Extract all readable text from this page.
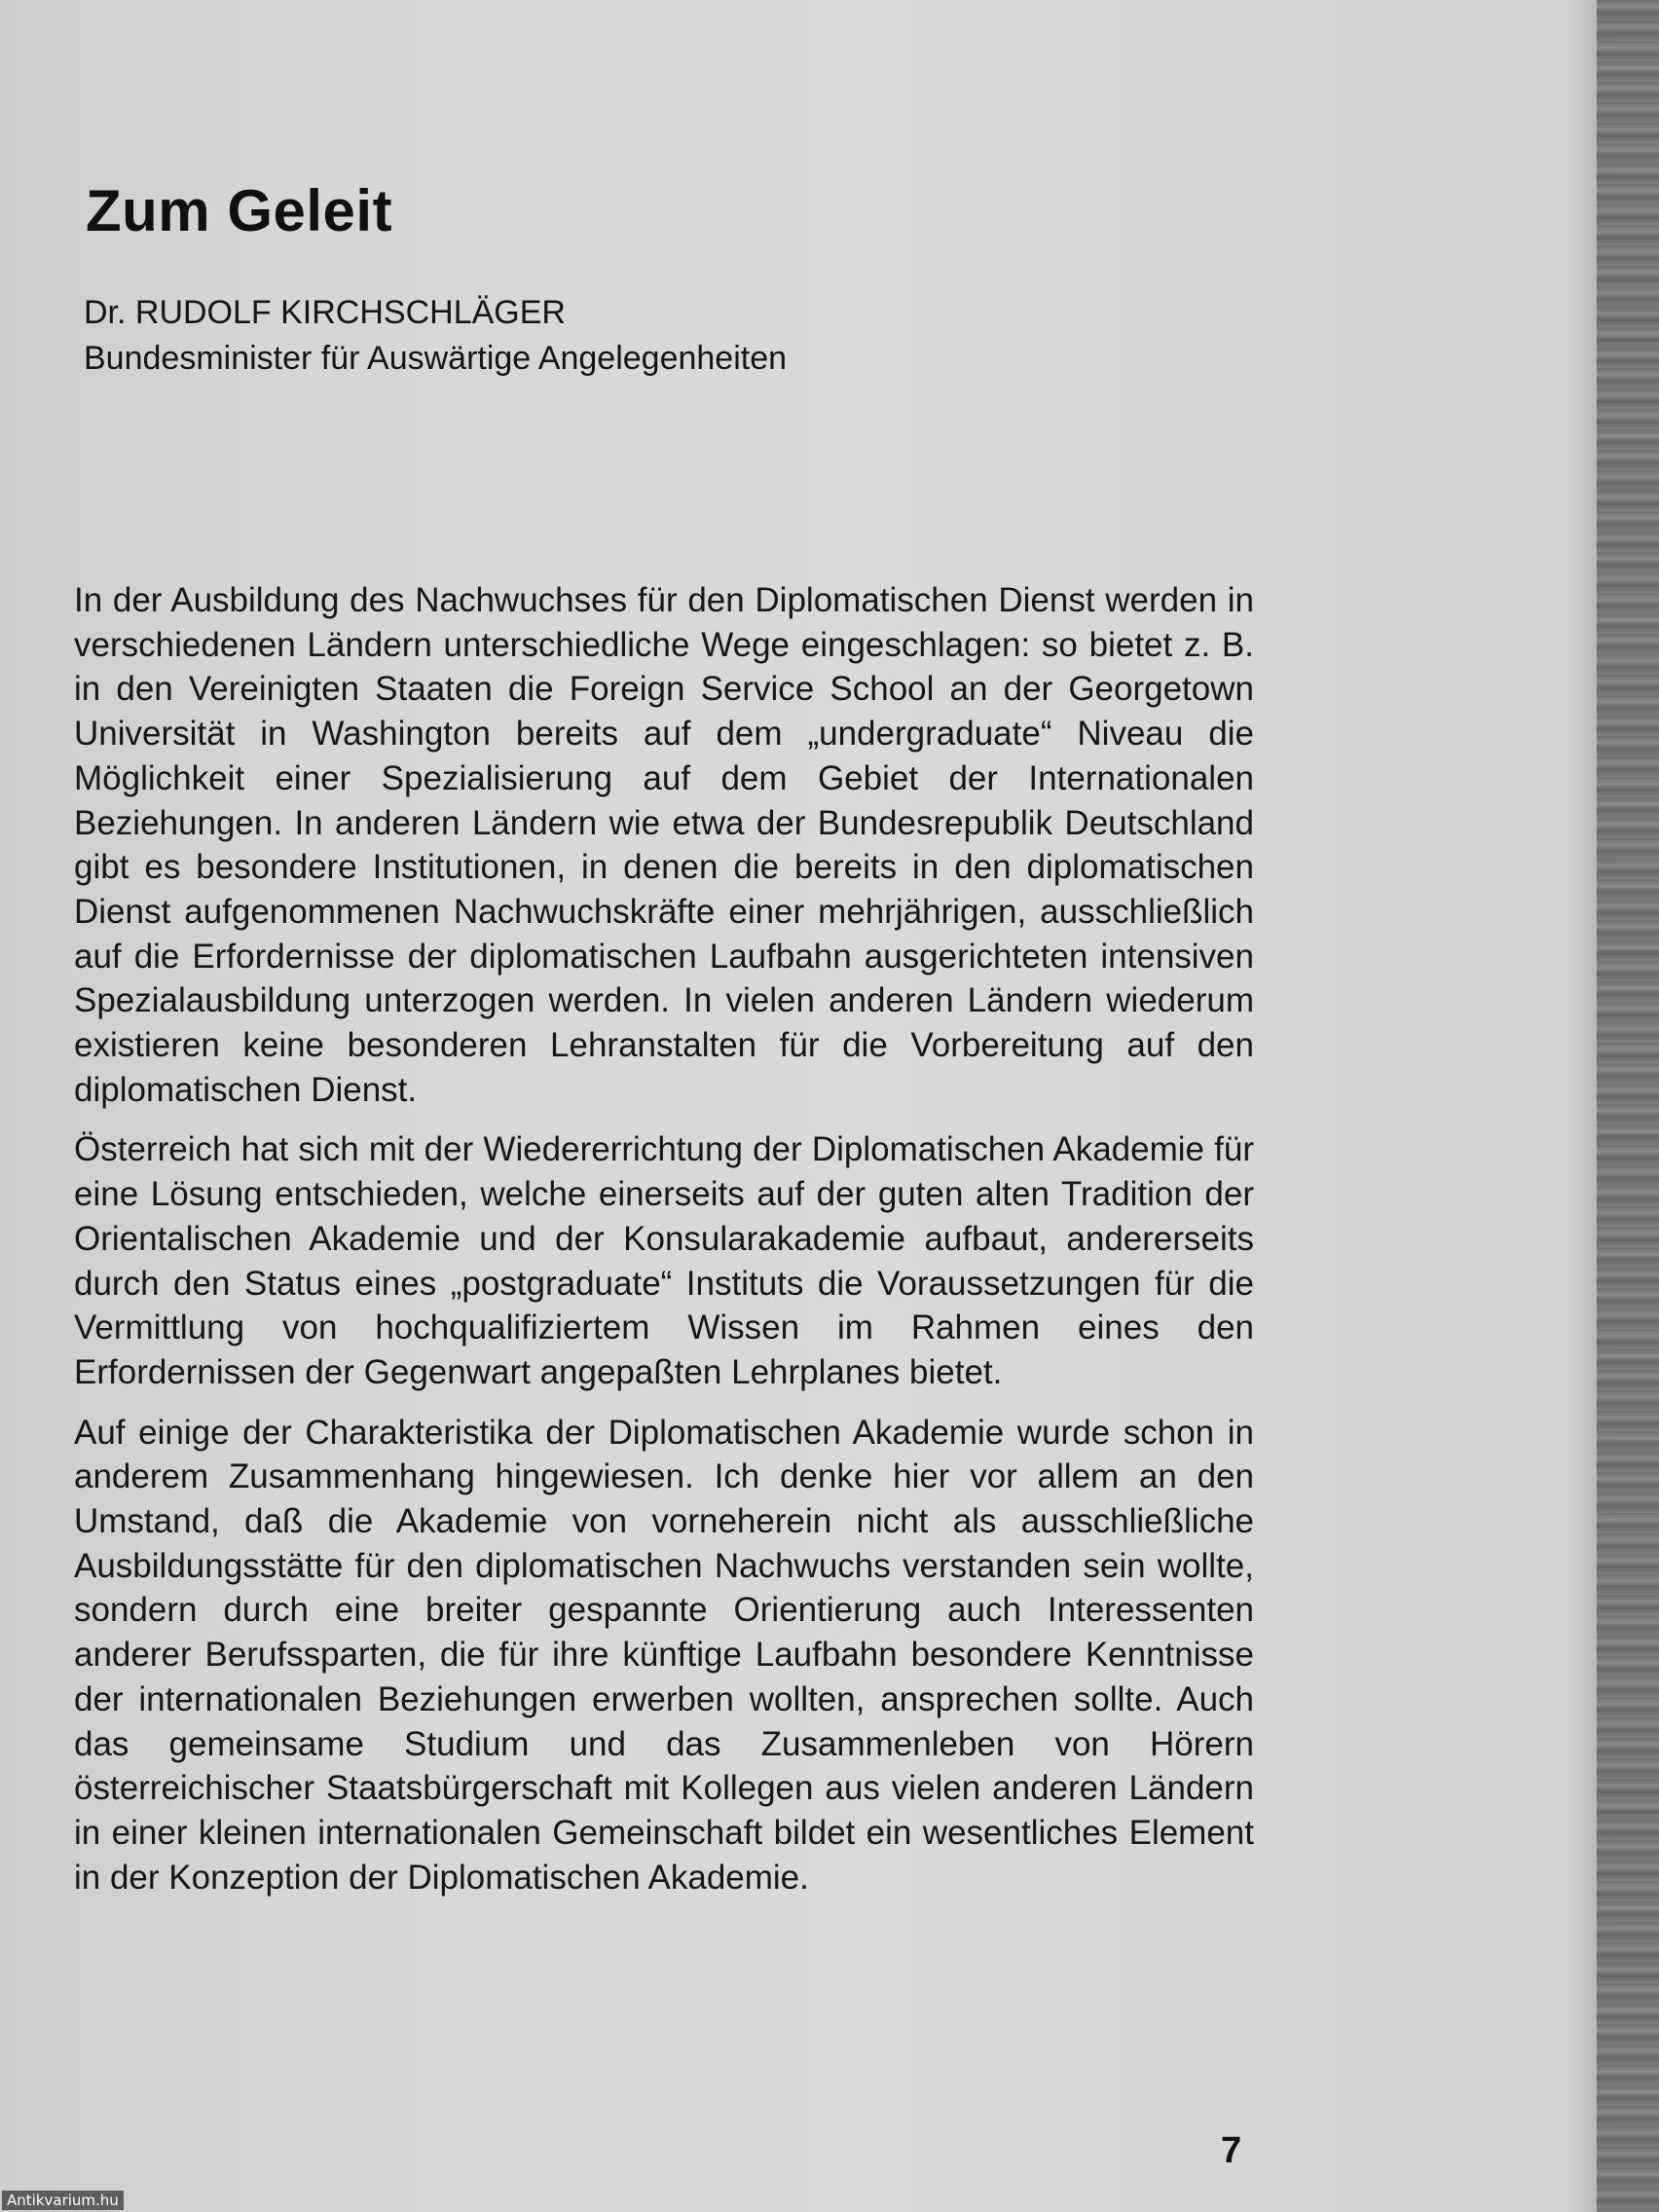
Zum Geleit
Dr. RUDOLF KIRCHSCHLÄGER
Bundesminister für Auswärtige Angelegenheiten

In der Ausbildung des Nachwuchses für den Diplomatischen Dienst werden in verschiedenen Ländern unterschiedliche Wege eingeschlagen: so bietet z. B. in den Vereinigten Staaten die Foreign Service School an der Georgetown Universität in Washington bereits auf dem „undergraduate“ Niveau die Möglichkeit einer Spezialisierung auf dem Gebiet der Internationalen Beziehungen. In anderen Ländern wie etwa der Bundesrepublik Deutschland gibt es besondere Institutionen, in denen die bereits in den diplomatischen Dienst aufgenommenen Nachwuchskräfte einer mehrjährigen, ausschließlich auf die Erfordernisse der diplomatischen Laufbahn ausgerichteten intensiven Spezialausbildung unterzogen werden. In vielen anderen Ländern wiederum existieren keine besonderen Lehranstalten für die Vorbereitung auf den diplomatischen Dienst.

Österreich hat sich mit der Wiedererrichtung der Diplomatischen Akademie für eine Lösung entschieden, welche einerseits auf der guten alten Tradition der Orientalischen Akademie und der Konsularakademie aufbaut, andererseits durch den Status eines „postgraduate“ Instituts die Voraussetzungen für die Vermittlung von hochqualifiziertem Wissen im Rahmen eines den Erfordernissen der Gegenwart angepaßten Lehrplanes bietet.

Auf einige der Charakteristika der Diplomatischen Akademie wurde schon in anderem Zusammenhang hingewiesen. Ich denke hier vor allem an den Umstand, daß die Akademie von vorneherein nicht als ausschließliche Ausbildungsstätte für den diplomatischen Nachwuchs verstanden sein wollte, sondern durch eine breiter gespannte Orientierung auch Interessenten anderer Berufssparten, die für ihre künftige Laufbahn besondere Kenntnisse der internationalen Beziehungen erwerben wollten, ansprechen sollte. Auch das gemeinsame Studium und das Zusammenleben von Hörern österreichischer Staatsbürgerschaft mit Kollegen aus vielen anderen Ländern in einer kleinen internationalen Gemeinschaft bildet ein wesentliches Element in der Konzeption der Diplomatischen Akademie.

7
Antikvarium.hu
